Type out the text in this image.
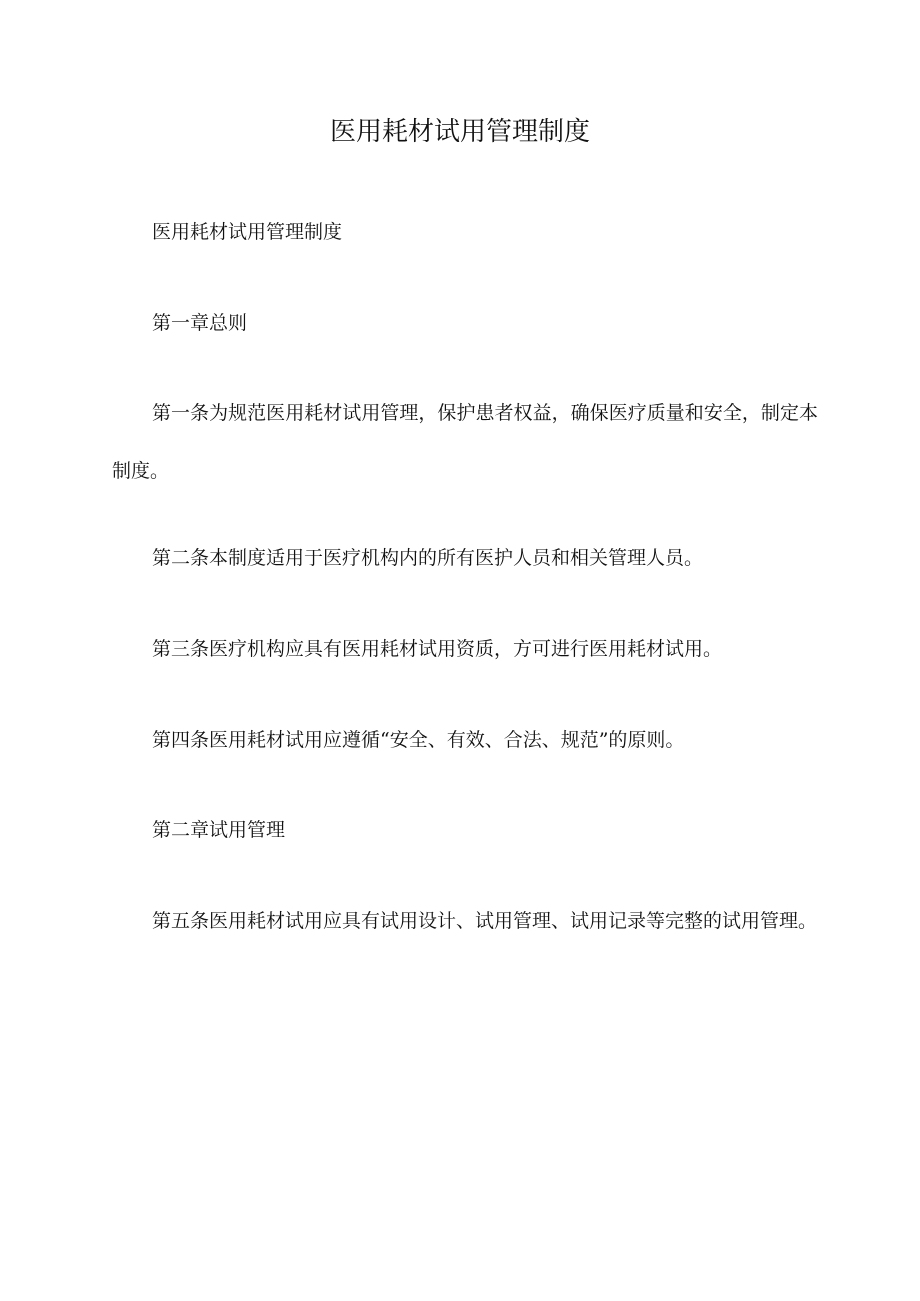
医用耗材试用管理制度

医用耗材试用管理制度

第一章总则

第一条为规范医用耗材试用管理，保护患者权益，确保医疗质量和安全，制定本制度。

第二条本制度适用于医疗机构内的所有医护人员和相关管理人员。

第三条医疗机构应具有医用耗材试用资质，方可进行医用耗材试用。

第四条医用耗材试用应遵循“安全、有效、合法、规范”的原则。

第二章试用管理

第五条医用耗材试用应具有试用设计、试用管理、试用记录等完整的试用管理。
